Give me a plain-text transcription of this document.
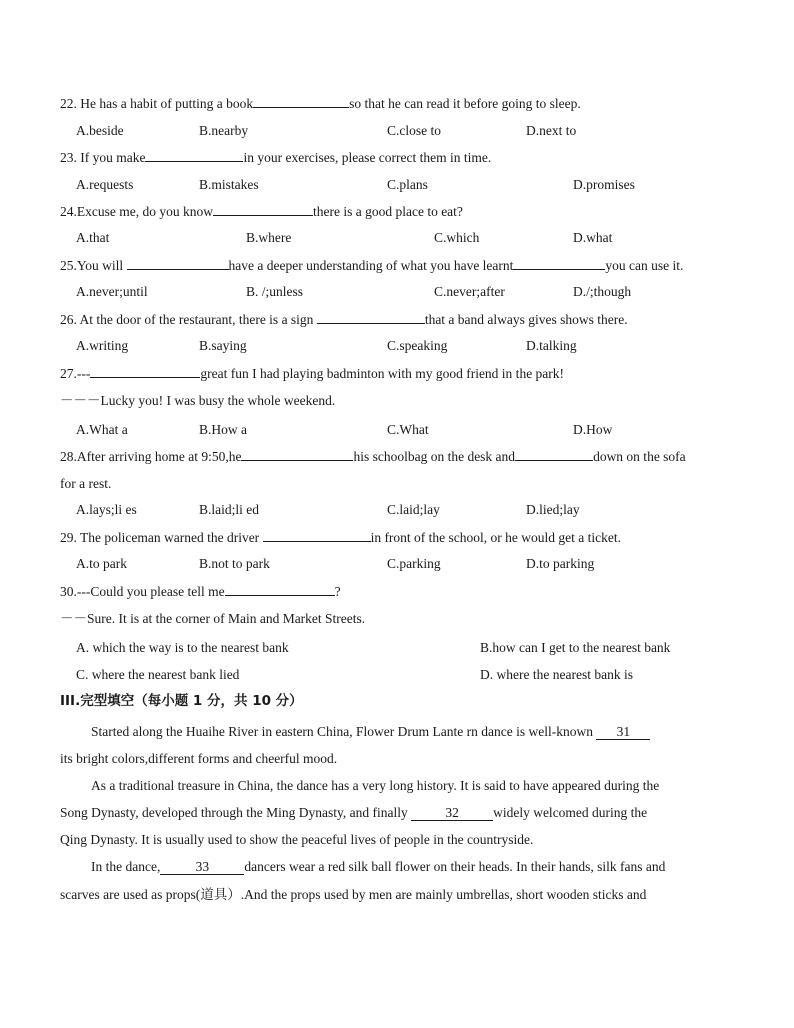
22. He has a habit of putting a book	so that he can read it before going to sleep.
A.beside	B.nearby	C.close to	D.next to
23. If you make	in your exercises, please correct them in time.
A.requests	B.mistakes	C.plans	D.promises
24.Excuse me, do you know	there is a good place to eat?
A.that	B.where	C.which	D.what
25.You will	have a deeper understanding of what you have learnt	you can use it.
A.never;until	B. /;unless	C.never;after	D./;though
26. At the door of the restaurant, there is a sign	that a band always gives shows there.
A.writing	B.saying	C.speaking	D.talking
27.---	great fun I had playing badminton with my good friend in the park!
－－－Lucky you! I was busy the whole weekend.
A.What a	B.How a	C.What	D.How
28.After arriving home at 9:50,he	his schoolbag on the desk and	down on the sofa
for a rest.
A.lays;li es	B.laid;li ed	C.laid;lay	D.lied;lay
29. The policeman warned the driver	in front of the school, or he would get a ticket.
A.to park	B.not to park	C.parking	D.to parking
30.---Could you please tell me	?
－－Sure. It is at the corner of Main and Market Streets.
A. which the way is to the nearest bank	B.how can I get to the nearest bank
C. where the nearest bank lied	D. where the nearest bank is
III.完型填空（每小题 1 分，共 10 分）
Started along the Huaihe River in eastern China, Flower Drum Lante rn dance is well-known 31
its bright colors,different forms and cheerful mood.
As a traditional treasure in China, the dance has a very long history. It is said to have appeared during the
Song Dynasty, developed through the Ming Dynasty, and finally	32	widely welcomed during the
Qing Dynasty. It is usually used to show the peaceful lives of people in the countryside.
In the dance,	33	dancers wear a red silk ball flower on their heads. In their hands, silk fans and
scarves are used as props(道具）.And the props used by men are mainly umbrellas, short wooden sticks and
